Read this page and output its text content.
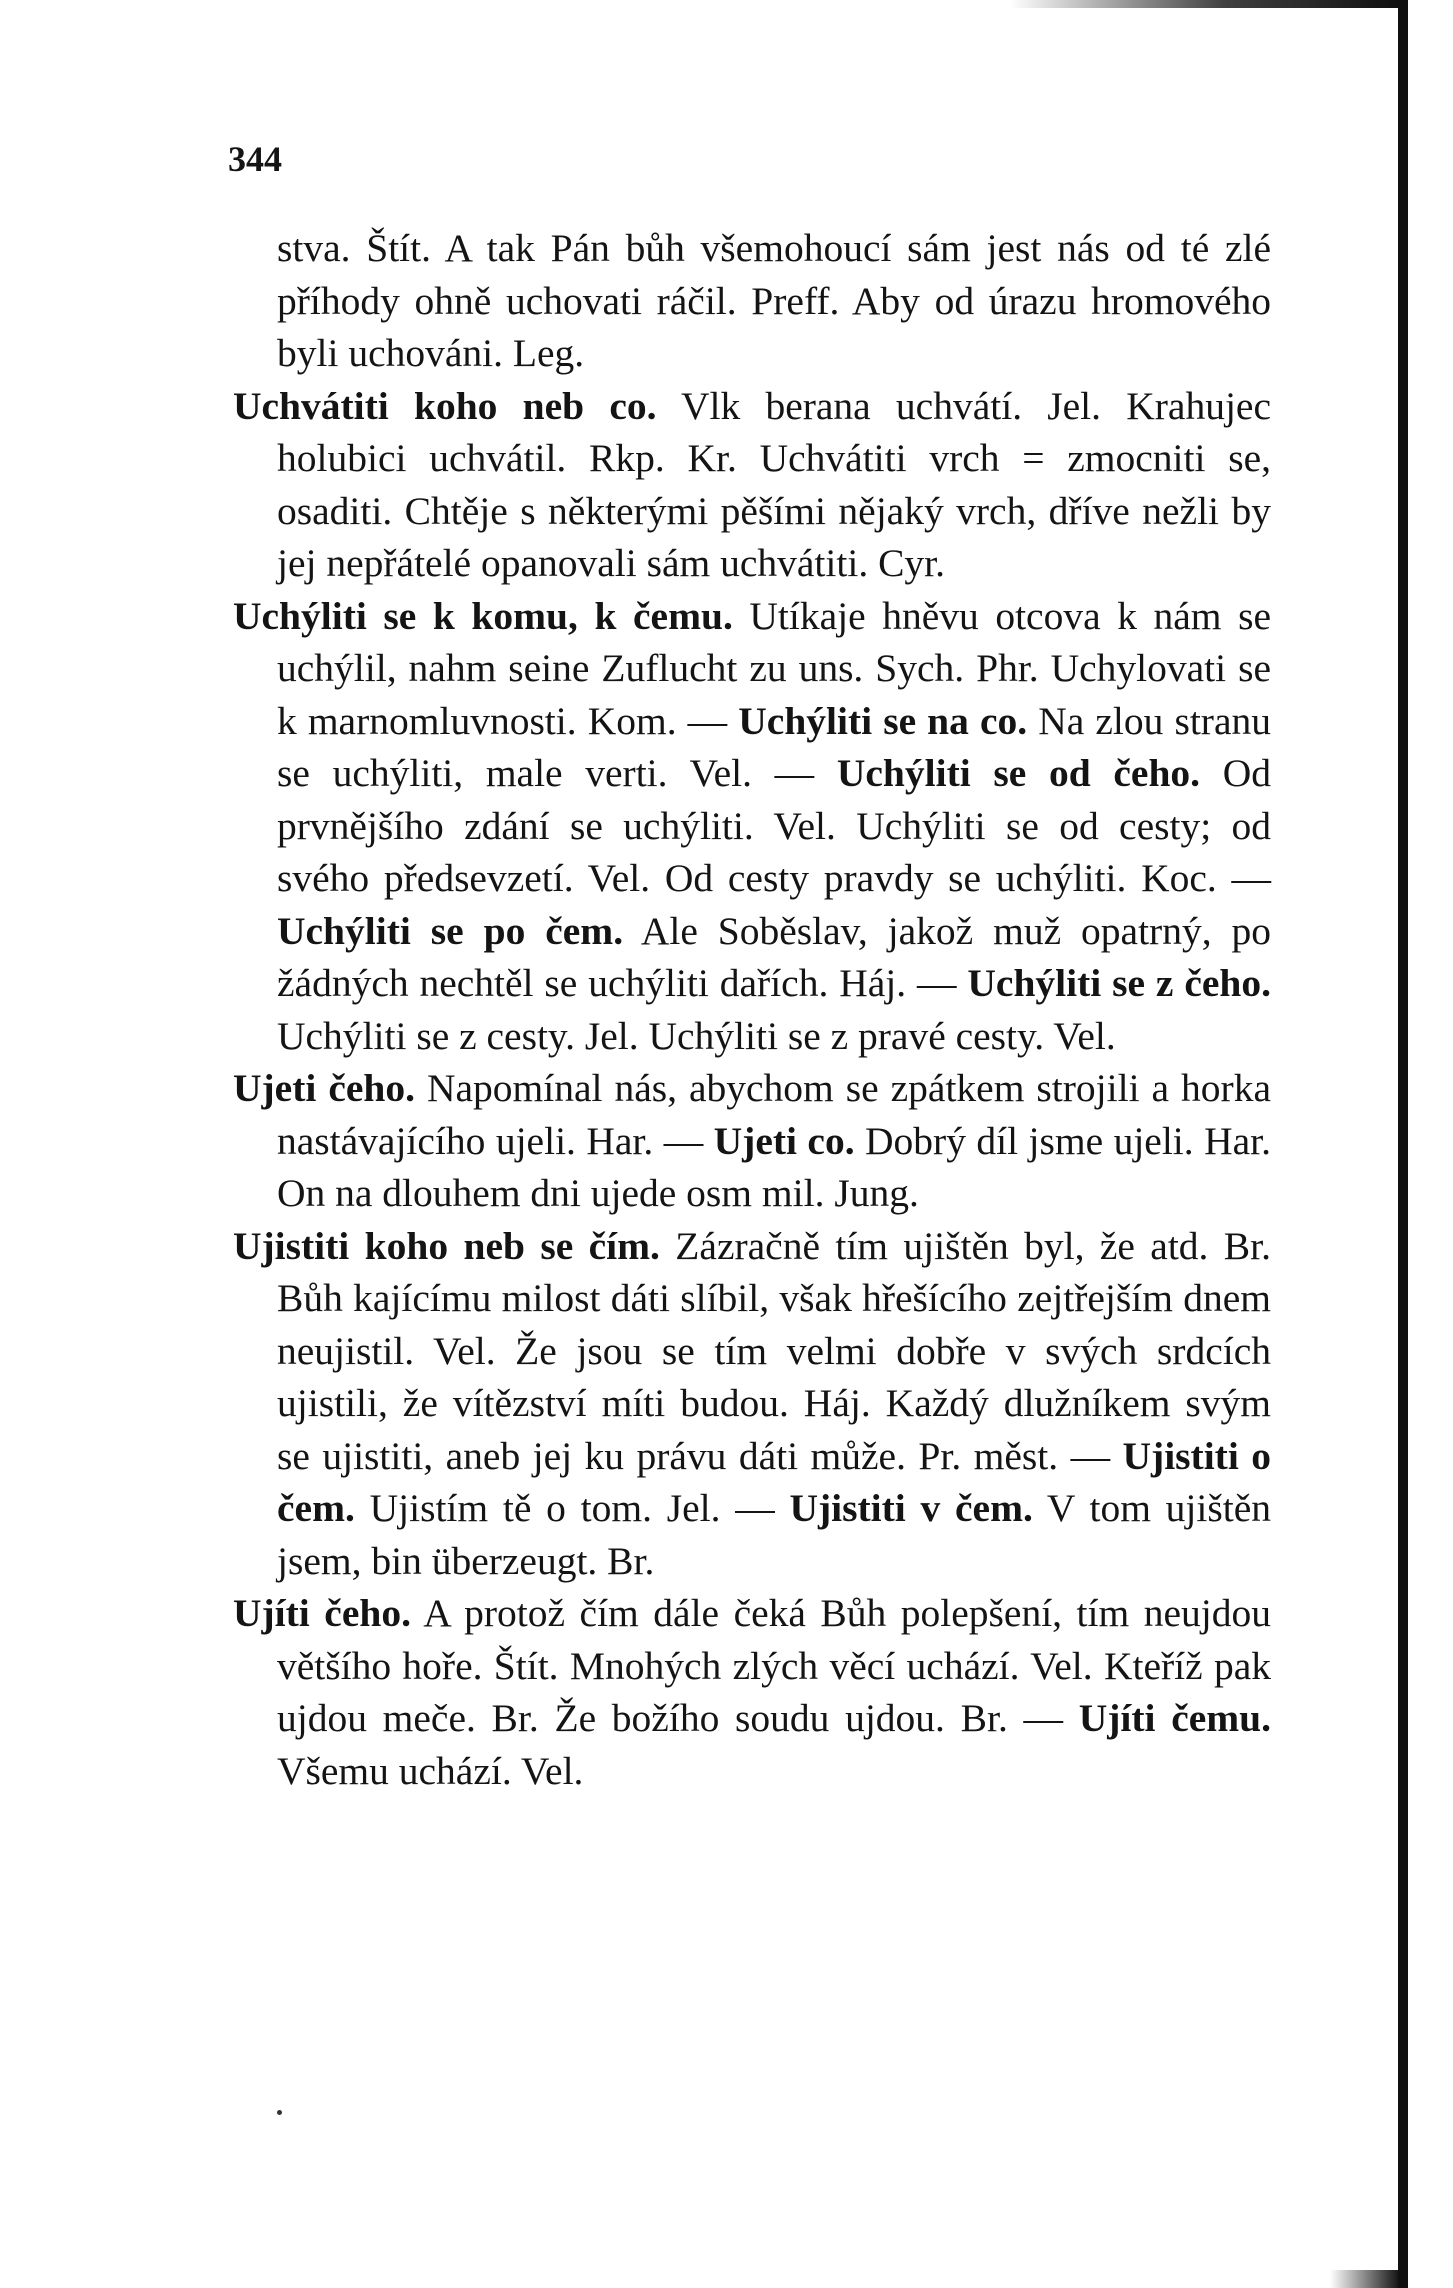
344

stva. Štít. A tak Pán bůh všemohoucí sám jest nás od té zlé příhody ohně uchovati ráčil. Preff. Aby od úrazu hromového byli uchováni. Leg.

Uchvátiti koho neb co. Vlk berana uchvátí. Jel. Krahujec holubici uchvátil. Rkp. Kr. Uchvátiti vrch = zmocniti se, osaditi. Chtěje s některými pěšími nějaký vrch, dříve nežli by jej nepřátelé opanovali sám uchvátiti. Cyr.

Uchýliti se k komu, k čemu. Utíkaje hněvu otcova k nám se uchýlil, nahm seine Zuflucht zu uns. Sych. Phr. Uchylovati se k marnomluvnosti. Kom. — Uchýliti se na co. Na zlou stranu se uchýliti, male verti. Vel. — Uchýliti se od čeho. Od prvnějšího zdání se uchýliti. Vel. Uchýliti se od cesty; od svého předsevzetí. Vel. Od cesty pravdy se uchýliti. Koc. — Uchýliti se po čem. Ale Soběslav, jakož muž opatrný, po žádných nechtěl se uchýliti dařích. Háj. — Uchýliti se z čeho. Uchýliti se z cesty. Jel. Uchýliti se z pravé cesty. Vel.

Ujeti čeho. Napomínal nás, abychom se zpátkem strojili a horka nastávajícího ujeli. Har. — Ujeti co. Dobrý díl jsme ujeli. Har. On na dlouhem dni ujede osm mil. Jung.

Ujistiti koho neb se čím. Zázračně tím ujištěn byl, že atd. Br. Bůh kajícímu milost dáti slíbil, však hřešícího zejtřejším dnem neujistil. Vel. Že jsou se tím velmi dobře v svých srdcích ujistili, že vítězství míti budou. Háj. Každý dlužníkem svým se ujistiti, aneb jej ku právu dáti může. Pr. měst. — Ujistiti o čem. Ujistím tě o tom. Jel. — Ujistiti v čem. V tom ujištěn jsem, bin überzeugt. Br.

Ujíti čeho. A protož čím dále čeká Bůh polepšení, tím neujdou většího hoře. Štít. Mnohých zlých věcí uchází. Vel. Kteříž pak ujdou meče. Br. Že božího soudu ujdou. Br. — Ujíti čemu. Všemu uchází. Vel.
